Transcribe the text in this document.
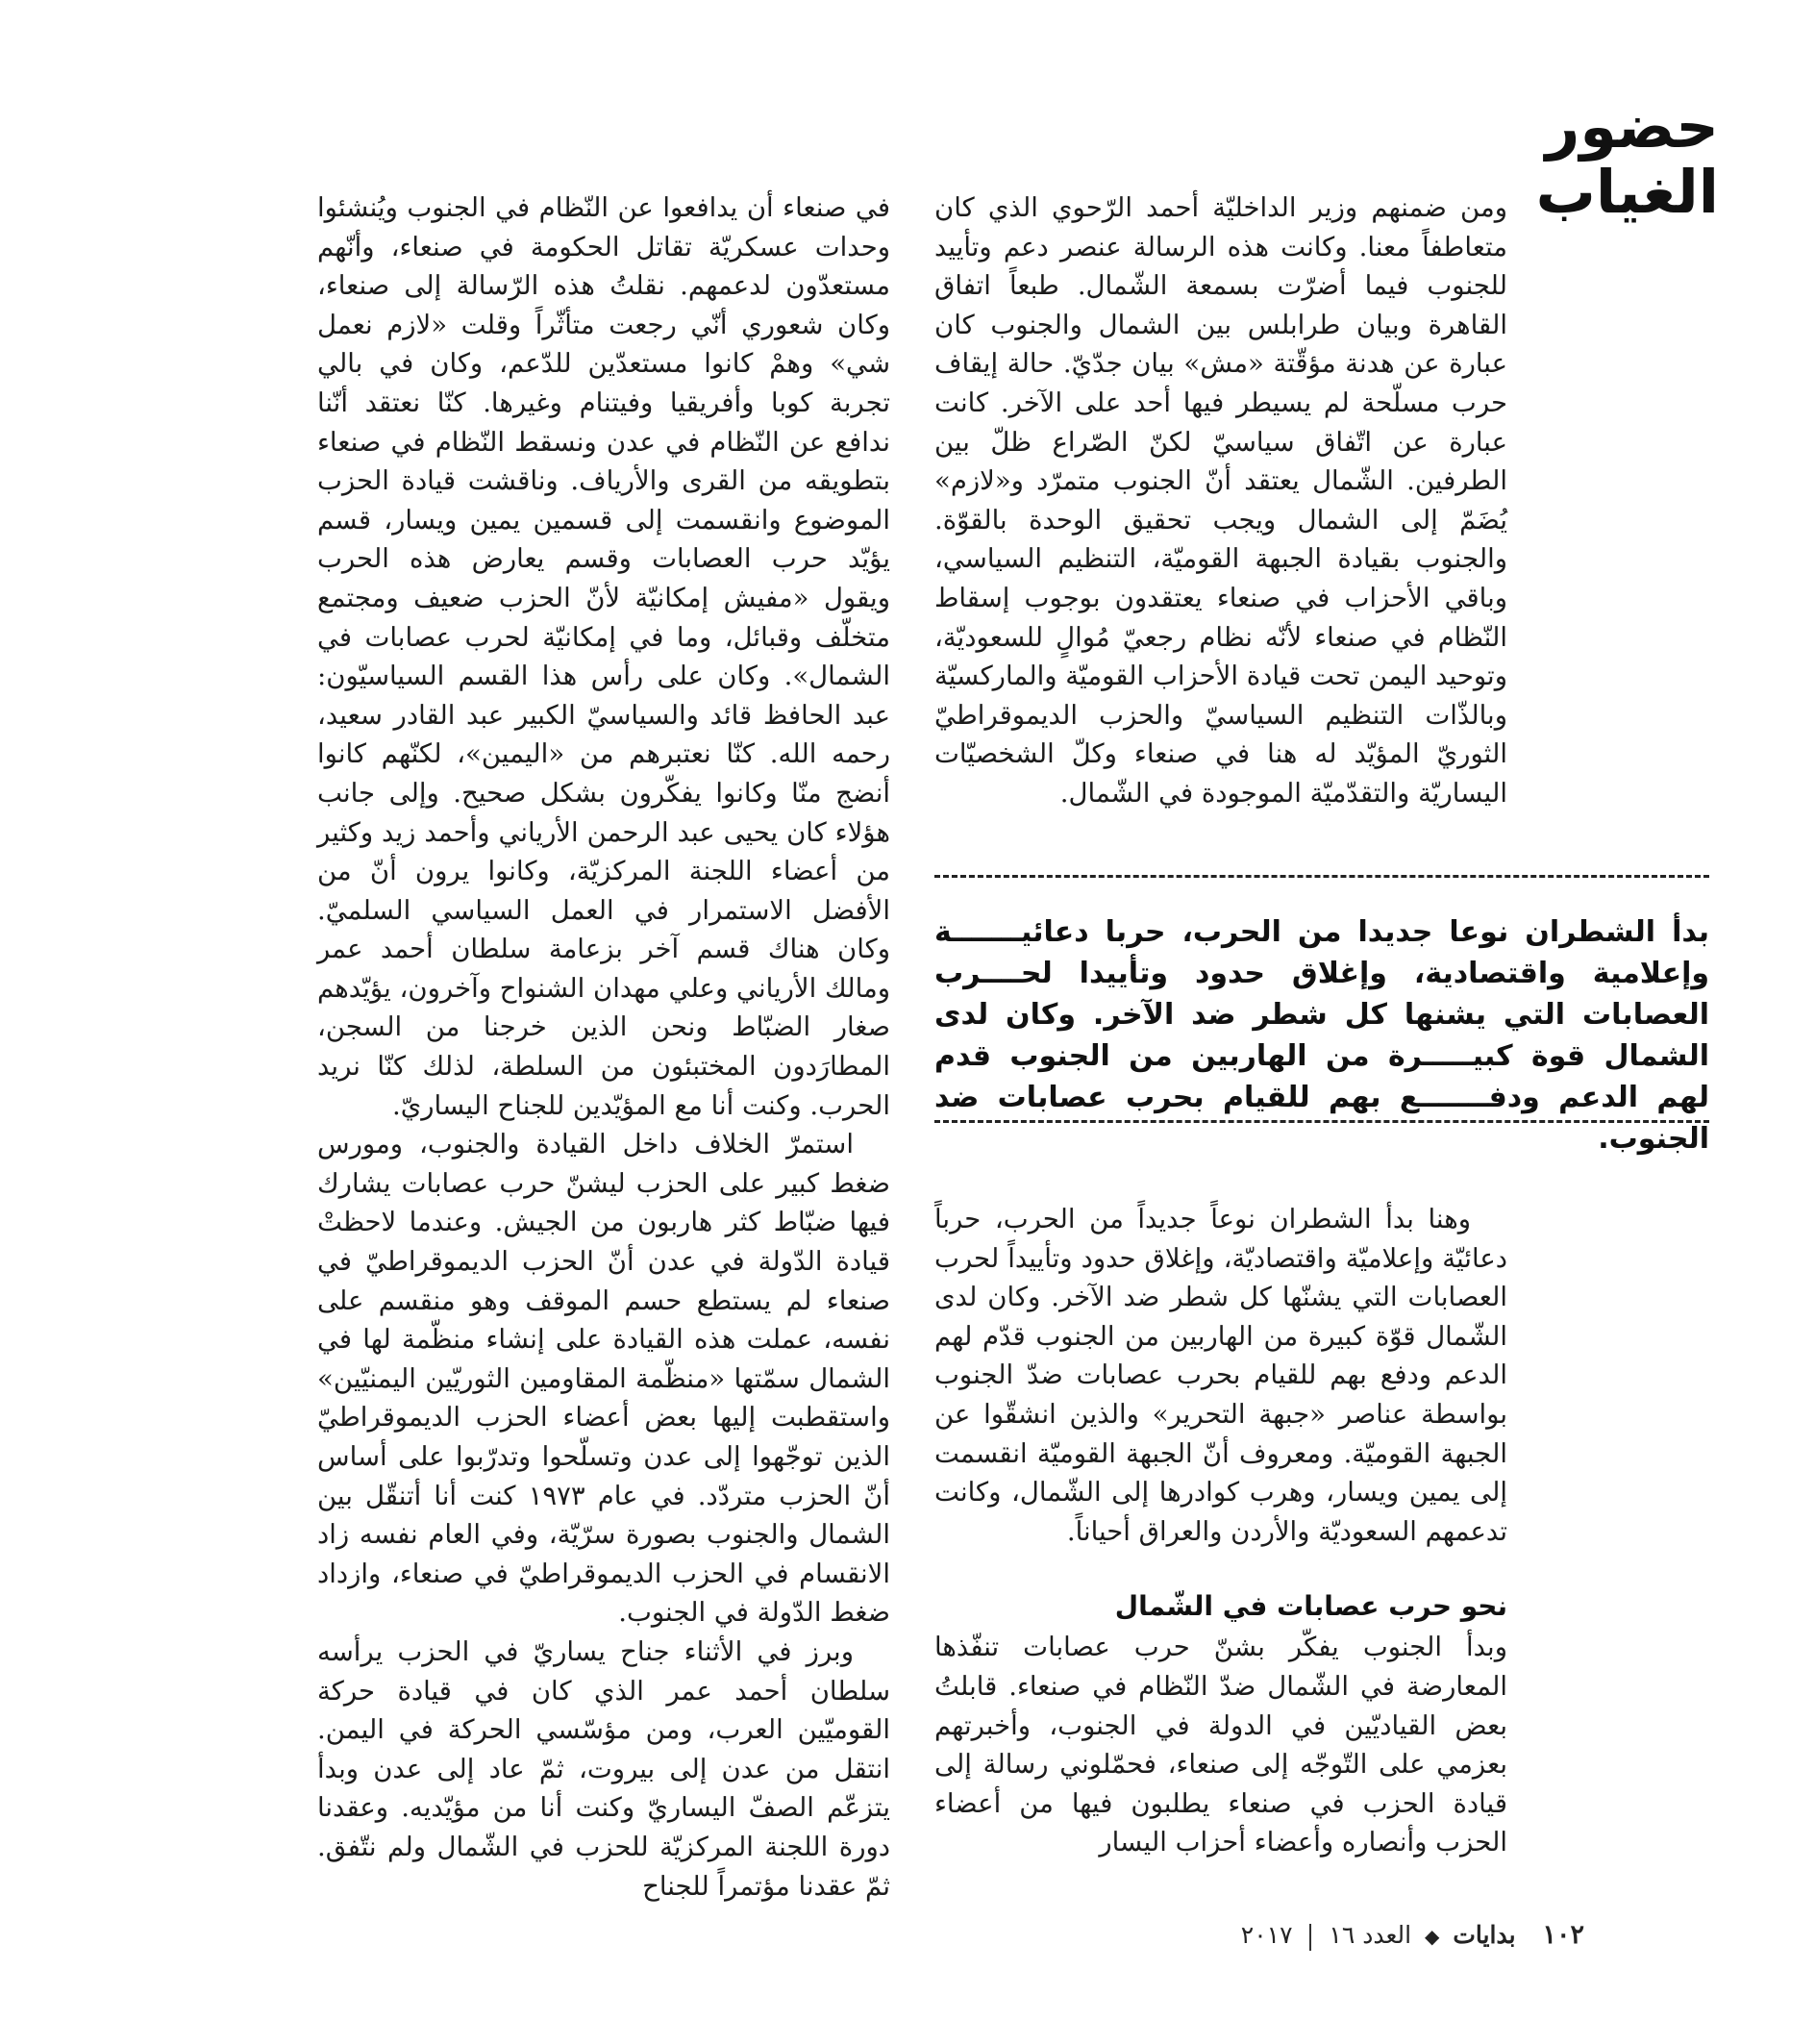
حضور
الغياب

ومن ضمنهم وزير الداخليّة أحمد الرّحوي الذي كان متعاطفاً معنا. وكانت هذه الرسالة عنصر دعم وتأييد للجنوب فيما أضرّت بسمعة الشّمال. طبعاً اتفاق القاهرة وبيان طرابلس بين الشمال والجنوب كان عبارة عن هدنة مؤقّتة «مش» بيان جدّيّ. حالة إيقاف حرب مسلّحة لم يسيطر فيها أحد على الآخر. كانت عبارة عن اتّفاق سياسيّ لكنّ الصّراع ظلّ بين الطرفين. الشّمال يعتقد أنّ الجنوب متمرّد و«لازم» يُضَمّ إلى الشمال ويجب تحقيق الوحدة بالقوّة. والجنوب بقيادة الجبهة القوميّة، التنظيم السياسي، وباقي الأحزاب في صنعاء يعتقدون بوجوب إسقاط النّظام في صنعاء لأنّه نظام رجعيّ مُوالٍ للسعوديّة، وتوحيد اليمن تحت قيادة الأحزاب القوميّة والماركسيّة وبالذّات التنظيم السياسيّ والحزب الديموقراطيّ الثوريّ المؤيّد له هنا في صنعاء وكلّ الشخصيّات اليساريّة والتقدّميّة الموجودة في الشّمال.

بدأ الشطران نوعا جديدا من الحرب، حربا دعائيـــــــة وإعلامية واقتصادية، وإغلاق حدود وتأييدا لحــــرب العصابات التي يشنها كل شطر ضد الآخر. وكان لدى الشمال قوة كبيـــــرة من الهاربين من الجنوب قدم لهم الدعم ودفـــــــع بهم للقيام بحرب عصابات ضد الجنوب.

وهنا بدأ الشطران نوعاً جديداً من الحرب، حرباً دعائيّة وإعلاميّة واقتصاديّة، وإغلاق حدود وتأييداً لحرب العصابات التي يشنّها كل شطر ضد الآخر. وكان لدى الشّمال قوّة كبيرة من الهاربين من الجنوب قدّم لهم الدعم ودفع بهم للقيام بحرب عصابات ضدّ الجنوب بواسطة عناصر «جبهة التحرير» والذين انشقّوا عن الجبهة القوميّة. ومعروف أنّ الجبهة القوميّة انقسمت إلى يمين ويسار، وهرب كوادرها إلى الشّمال، وكانت تدعمهم السعوديّة والأردن والعراق أحياناً.

نحو حرب عصابات في الشّمال

وبدأ الجنوب يفكّر بشنّ حرب عصابات تنفّذها المعارضة في الشّمال ضدّ النّظام في صنعاء. قابلتُ بعض القياديّين في الدولة في الجنوب، وأخبرتهم بعزمي على التّوجّه إلى صنعاء، فحمّلوني رسالة إلى قيادة الحزب في صنعاء يطلبون فيها من أعضاء الحزب وأنصاره وأعضاء أحزاب اليسار

في صنعاء أن يدافعوا عن النّظام في الجنوب ويُنشئوا وحدات عسكريّة تقاتل الحكومة في صنعاء، وأنّهم مستعدّون لدعمهم. نقلتُ هذه الرّسالة إلى صنعاء، وكان شعوري أنّي رجعت متأثّراً وقلت «لازم نعمل شي» وهمْ كانوا مستعدّين للدّعم، وكان في بالي تجربة كوبا وأفريقيا وفيتنام وغيرها. كنّا نعتقد أنّنا ندافع عن النّظام في عدن ونسقط النّظام في صنعاء بتطويقه من القرى والأرياف. وناقشت قيادة الحزب الموضوع وانقسمت إلى قسمين يمين ويسار، قسم يؤيّد حرب العصابات وقسم يعارض هذه الحرب ويقول «مفيش إمكانيّة لأنّ الحزب ضعيف ومجتمع متخلّف وقبائل، وما في إمكانيّة لحرب عصابات في الشمال». وكان على رأس هذا القسم السياسيّون: عبد الحافظ قائد والسياسيّ الكبير عبد القادر سعيد، رحمه الله. كنّا نعتبرهم من «اليمين»، لكنّهم كانوا أنضج منّا وكانوا يفكّرون بشكل صحيح. وإلى جانب هؤلاء كان يحيى عبد الرحمن الأرياني وأحمد زيد وكثير من أعضاء اللجنة المركزيّة، وكانوا يرون أنّ من الأفضل الاستمرار في العمل السياسي السلميّ. وكان هناك قسم آخر بزعامة سلطان أحمد عمر ومالك الأرياني وعلي مهدان الشنواح وآخرون، يؤيّدهم صغار الضبّاط ونحن الذين خرجنا من السجن، المطارَدون المختبئون من السلطة، لذلك كنّا نريد الحرب. وكنت أنا مع المؤيّدين للجناح اليساريّ.

استمرّ الخلاف داخل القيادة والجنوب، ومورس ضغط كبير على الحزب ليشنّ حرب عصابات يشارك فيها ضبّاط كثر هاربون من الجيش. وعندما لاحظتْ قيادة الدّولة في عدن أنّ الحزب الديموقراطيّ في صنعاء لم يستطع حسم الموقف وهو منقسم على نفسه، عملت هذه القيادة على إنشاء منظّمة لها في الشمال سمّتها «منظّمة المقاومين الثوريّين اليمنيّين» واستقطبت إليها بعض أعضاء الحزب الديموقراطيّ الذين توجّهوا إلى عدن وتسلّحوا وتدرّبوا على أساس أنّ الحزب متردّد. في عام ١٩٧٣ كنت أنا أتنقّل بين الشمال والجنوب بصورة سرّيّة، وفي العام نفسه زاد الانقسام في الحزب الديموقراطيّ في صنعاء، وازداد ضغط الدّولة في الجنوب.

وبرز في الأثناء جناح يساريّ في الحزب يرأسه سلطان أحمد عمر الذي كان في قيادة حركة القوميّين العرب، ومن مؤسّسي الحركة في اليمن. انتقل من عدن إلى بيروت، ثمّ عاد إلى عدن وبدأ يتزعّم الصفّ اليساريّ وكنت أنا من مؤيّديه. وعقدنا دورة اللجنة المركزيّة للحزب في الشّمال ولم نتّفق. ثمّ عقدنا مؤتمراً للجناح

١٠٢ بدايات ◆ العدد ١٦  ٢٠١٧
